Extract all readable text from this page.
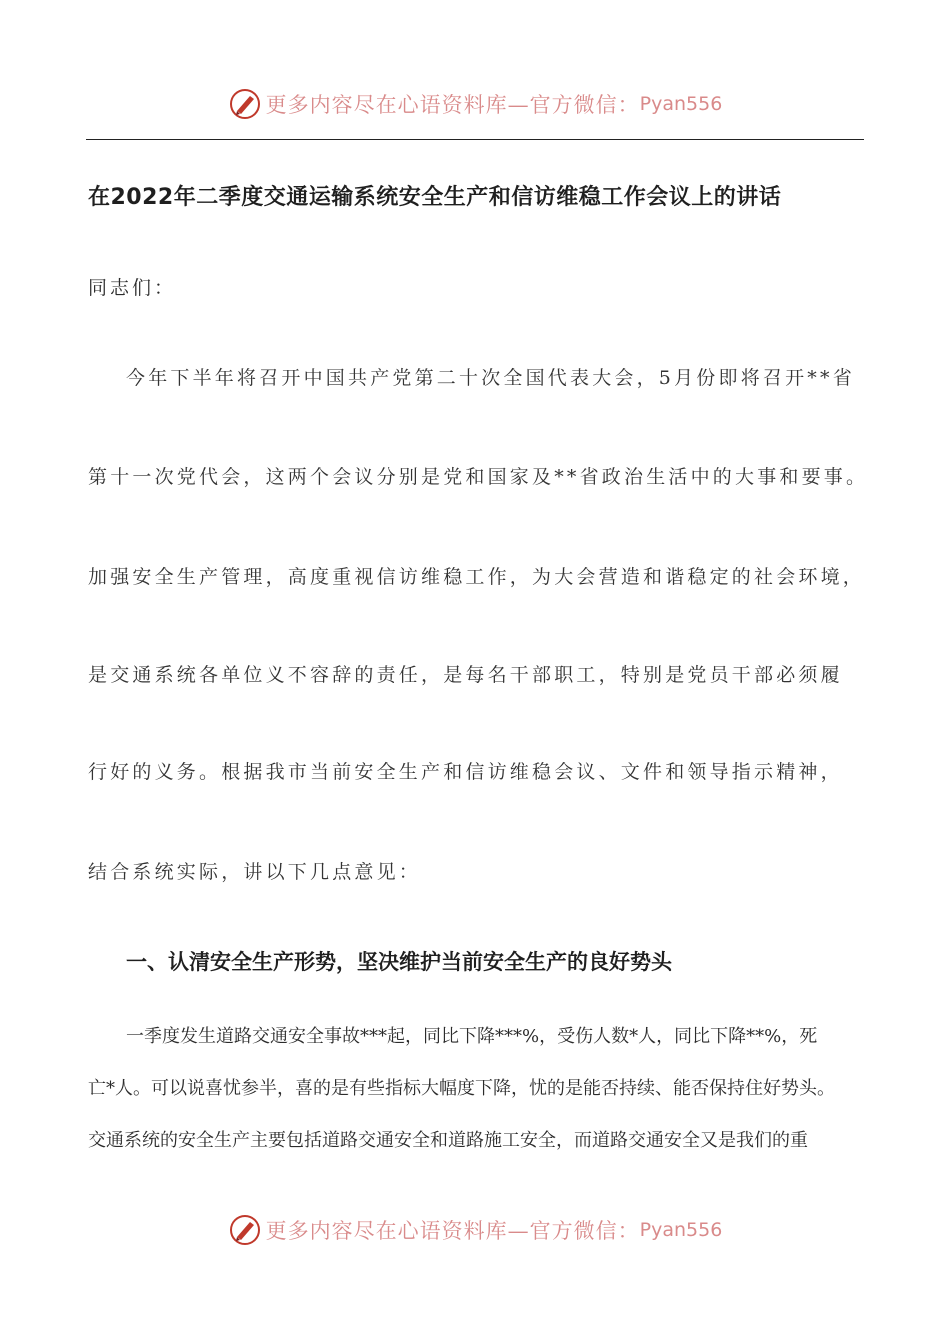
更多内容尽在心语资料库—官方微信： Pyan556
在2022年二季度交通运输系统安全生产和信访维稳工作会议上的讲话
同志们：
今年下半年将召开中国共产党第二十次全国代表大会，5月份即将召开**省
第十一次党代会，这两个会议分别是党和国家及**省政治生活中的大事和要事。
加强安全生产管理，高度重视信访维稳工作，为大会营造和谐稳定的社会环境，
是交通系统各单位义不容辞的责任，是每名干部职工，特别是党员干部必须履
行好的义务。根据我市当前安全生产和信访维稳会议、文件和领导指示精神，
结合系统实际，讲以下几点意见：
一、认清安全生产形势，坚决维护当前安全生产的良好势头
一季度发生道路交通安全事故***起，同比下降***%，受伤人数*人，同比下降**%，死
亡*人。可以说喜忧参半，喜的是有些指标大幅度下降，忧的是能否持续、能否保持住好势头。
交通系统的安全生产主要包括道路交通安全和道路施工安全，而道路交通安全又是我们的重
更多内容尽在心语资料库—官方微信： Pyan556
